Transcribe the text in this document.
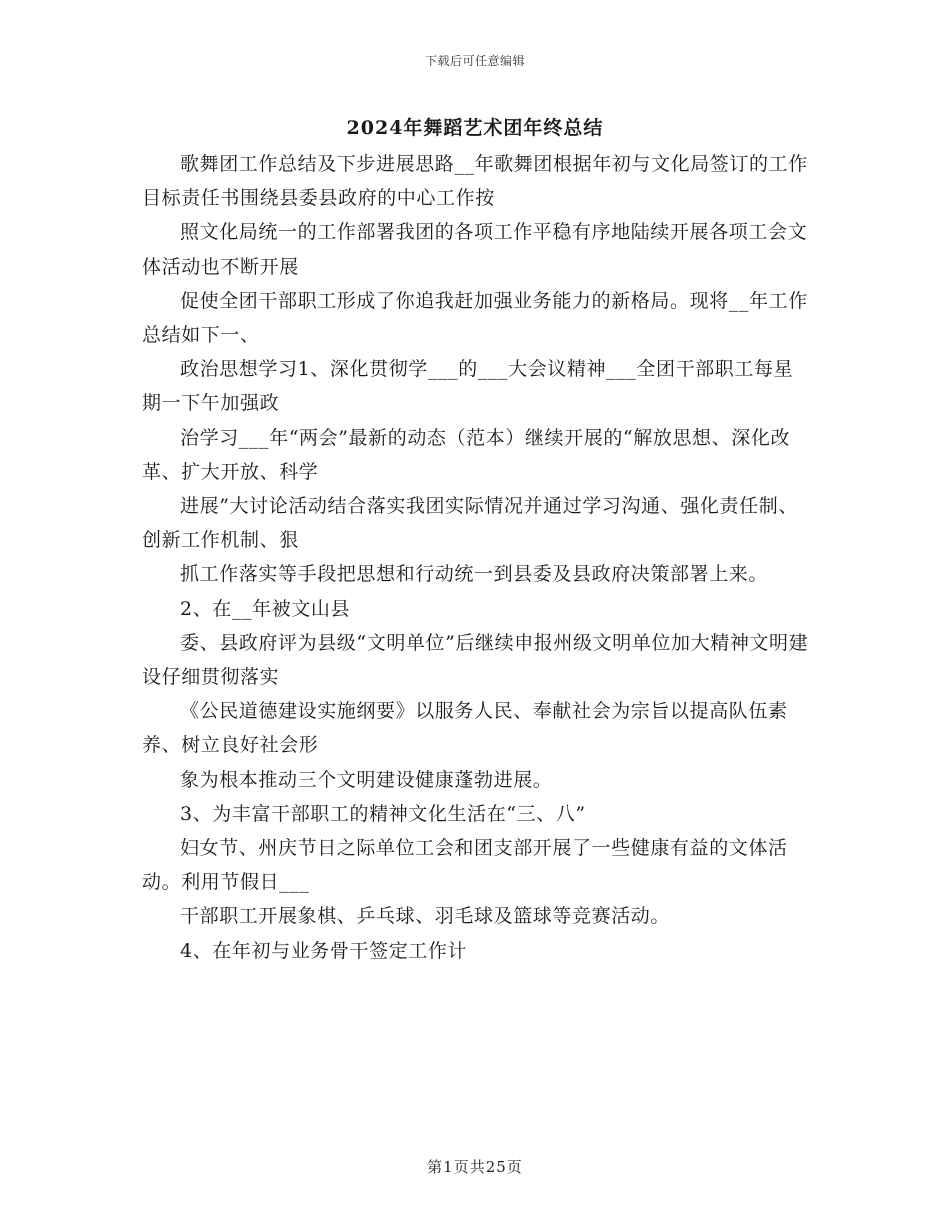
下载后可任意编辑
2024年舞蹈艺术团年终总结

歌舞团工作总结及下步进展思路__年歌舞团根据年初与文化局签订的工作目标责任书围绕县委县政府的中心工作按

照文化局统一的工作部署我团的各项工作平稳有序地陆续开展各项工会文体活动也不断开展

促使全团干部职工形成了你追我赶加强业务能力的新格局。现将__年工作总结如下一、

政治思想学习1、深化贯彻学___的___大会议精神___全团干部职工每星期一下午加强政

治学习___年“两会”最新的动态（范本）继续开展的“解放思想、深化改革、扩大开放、科学

进展”大讨论活动结合落实我团实际情况并通过学习沟通、强化责任制、创新工作机制、狠

抓工作落实等手段把思想和行动统一到县委及县政府决策部署上来。

2、在__年被文山县

委、县政府评为县级“文明单位”后继续申报州级文明单位加大精神文明建设仔细贯彻落实

《公民道德建设实施纲要》以服务人民、奉献社会为宗旨以提高队伍素养、树立良好社会形

象为根本推动三个文明建设健康蓬勃进展。

3、为丰富干部职工的精神文化生活在“三、八”

妇女节、州庆节日之际单位工会和团支部开展了一些健康有益的文体活动。利用节假日___

干部职工开展象棋、乒乓球、羽毛球及篮球等竞赛活动。

4、在年初与业务骨干签定工作计

第1页共25页
